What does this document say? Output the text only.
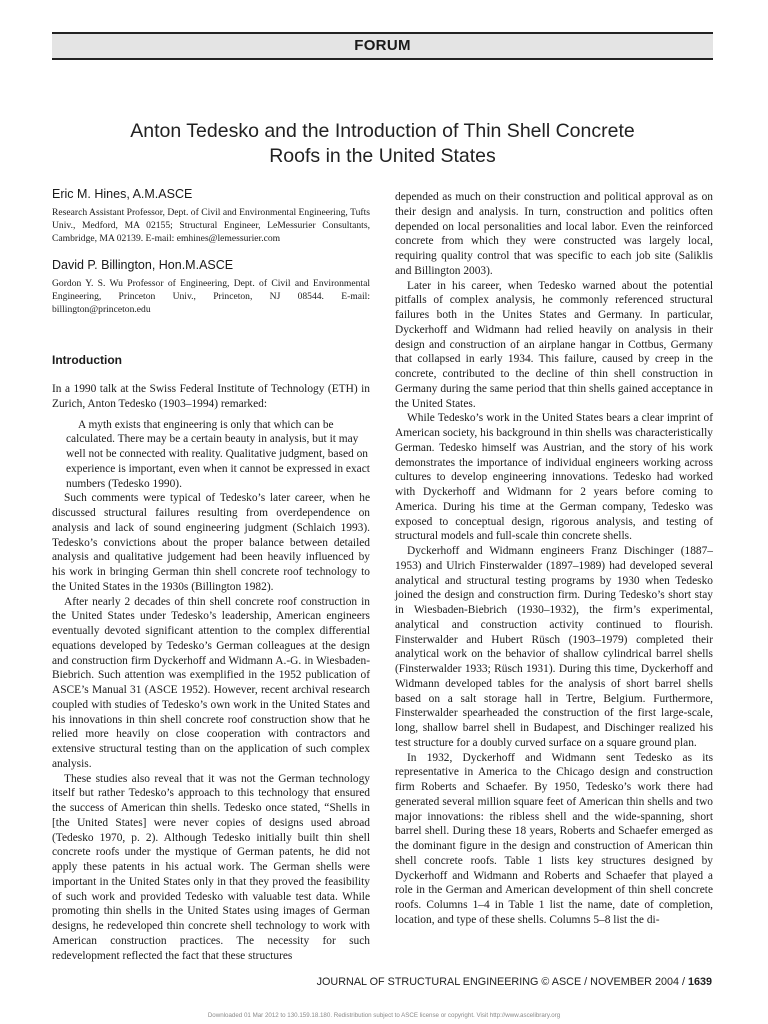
FORUM
Anton Tedesko and the Introduction of Thin Shell Concrete
Roofs in the United States
Eric M. Hines, A.M.ASCE
Research Assistant Professor, Dept. of Civil and Environmental Engineering, Tufts Univ., Medford, MA 02155; Structural Engineer, LeMessurier Consultants, Cambridge, MA 02139. E-mail: emhines@lemessurier.com
David P. Billington, Hon.M.ASCE
Gordon Y. S. Wu Professor of Engineering, Dept. of Civil and Environmental Engineering, Princeton Univ., Princeton, NJ 08544. E-mail: billington@princeton.edu
Introduction

In a 1990 talk at the Swiss Federal Institute of Technology (ETH) in Zurich, Anton Tedesko (1903–1994) remarked:

A myth exists that engineering is only that which can be calculated. There may be a certain beauty in analysis, but it may well not be connected with reality. Qualitative judgment, based on experience is important, even when it cannot be expressed in exact numbers (Tedesko 1990).

Such comments were typical of Tedesko’s later career, when he discussed structural failures resulting from overdependence on analysis and lack of sound engineering judgment (Schlaich 1993). Tedesko’s convictions about the proper balance between detailed analysis and qualitative judgement had been heavily influenced by his work in bringing German thin shell concrete roof technology to the United States in the 1930s (Billington 1982).

After nearly 2 decades of thin shell concrete roof construction in the United States under Tedesko’s leadership, American engineers eventually devoted significant attention to the complex differential equations developed by Tedesko’s German colleagues at the design and construction firm Dyckerhoff and Widmann A.-G. in Wiesbaden-Biebrich. Such attention was exemplified in the 1952 publication of ASCE’s Manual 31 (ASCE 1952). However, recent archival research coupled with studies of Tedesko’s own work in the United States and his innovations in thin shell concrete roof construction show that he relied more heavily on close cooperation with contractors and extensive structural testing than on the application of such complex analysis.

These studies also reveal that it was not the German technology itself but rather Tedesko’s approach to this technology that ensured the success of American thin shells. Tedesko once stated, “Shells in [the United States] were never copies of designs used abroad (Tedesko 1970, p. 2). Although Tedesko initially built thin shell concrete roofs under the mystique of German patents, he did not apply these patents in his actual work. The German shells were important in the United States only in that they proved the feasibility of such work and provided Tedesko with valuable test data. While promoting thin shells in the United States using images of German designs, he redeveloped thin concrete shell technology to work with American construction practices. The necessity for such redevelopment reflected the fact that these structures

depended as much on their construction and political approval as on their design and analysis. In turn, construction and politics often depended on local personalities and local labor. Even the reinforced concrete from which they were constructed was largely local, requiring quality control that was specific to each job site (Saliklis and Billington 2003).

Later in his career, when Tedesko warned about the potential pitfalls of complex analysis, he commonly referenced structural failures both in the Unites States and Germany. In particular, Dyckerhoff and Widmann had relied heavily on analysis in their design and construction of an airplane hangar in Cottbus, Germany that collapsed in early 1934. This failure, caused by creep in the concrete, contributed to the decline of thin shell construction in Germany during the same period that thin shells gained acceptance in the United States.

While Tedesko’s work in the United States bears a clear imprint of American society, his background in thin shells was characteristically German. Tedesko himself was Austrian, and the story of his work demonstrates the importance of individual engineers working across cultures to develop engineering innovations. Tedesko had worked with Dyckerhoff and Widmann for 2 years before coming to America. During his time at the German company, Tedesko was exposed to conceptual design, rigorous analysis, and testing of structural models and full-scale thin concrete shells.

Dyckerhoff and Widmann engineers Franz Dischinger (1887–1953) and Ulrich Finsterwalder (1897–1989) had developed several analytical and structural testing programs by 1930 when Tedesko joined the design and construction firm. During Tedesko’s short stay in Wiesbaden-Biebrich (1930–1932), the firm’s experimental, analytical and construction activity continued to flourish. Finsterwalder and Hubert Rüsch (1903–1979) completed their analytical work on the behavior of shallow cylindrical barrel shells (Finsterwalder 1933; Rüsch 1931). During this time, Dyckerhoff and Widmann developed tables for the analysis of short barrel shells based on a salt storage hall in Tertre, Belgium. Furthermore, Finsterwalder spearheaded the construction of the first large-scale, long, shallow barrel shell in Budapest, and Dischinger realized his test structure for a doubly curved surface on a square ground plan.

In 1932, Dyckerhoff and Widmann sent Tedesko as its representative in America to the Chicago design and construction firm Roberts and Schaefer. By 1950, Tedesko’s work there had generated several million square feet of American thin shells and two major innovations: the ribless shell and the wide-spanning, short barrel shell. During these 18 years, Roberts and Schaefer emerged as the dominant figure in the design and construction of American thin shell concrete roofs. Table 1 lists key structures designed by Dyckerhoff and Widmann and Roberts and Schaefer that played a role in the German and American development of thin shell concrete roofs. Columns 1–4 in Table 1 list the name, date of completion, location, and type of these shells. Columns 5–8 list the di-

JOURNAL OF STRUCTURAL ENGINEERING © ASCE / NOVEMBER 2004 / 1639
Downloaded 01 Mar 2012 to 130.159.18.180. Redistribution subject to ASCE license or copyright. Visit http://www.ascelibrary.org
